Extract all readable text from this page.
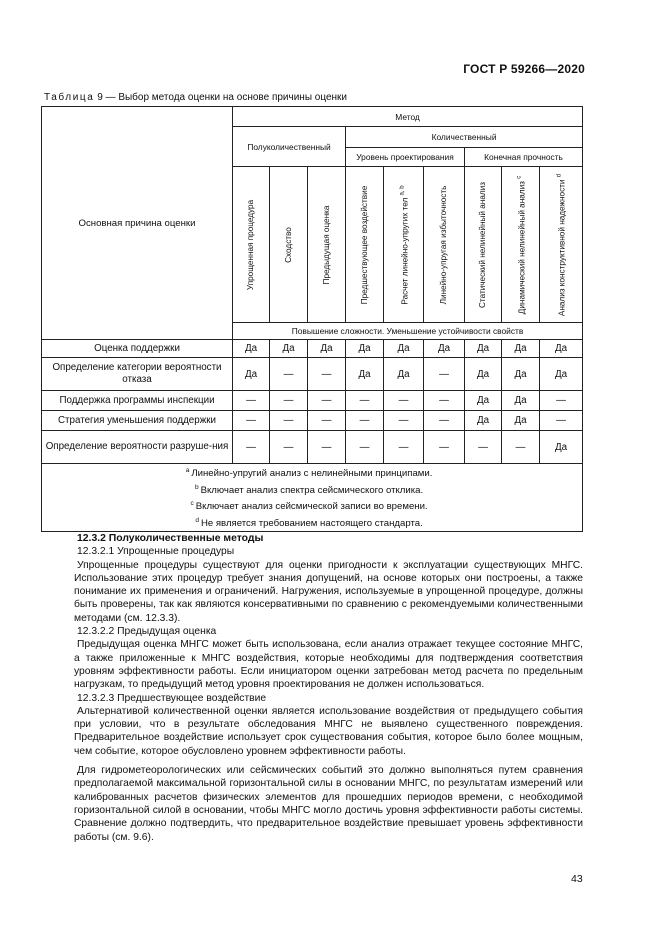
ГОСТ Р 59266—2020
Таблица 9 — Выбор метода оценки на основе причины оценки
Основная причина оценки	Метод								
	Полуколичественный			Количественный					
				Уровень проектирования			Конечная прочность		

	Упрощенная процедура	Сходство	Предыдущая оценка	Предшествующее воздействие	Расчет линейно-упругих тел $^{a, b}$	Линейно-упругая избыточность	Статический нелинейный анализ	Динамический нелинейный анализ $^c$	Анализ конструктивной надежности $^d$

	Повышение сложности. Уменьшение устойчивости свойств								
Оценка поддержки	Да	Да	Да	Да	Да	Да	Да	Да	Да
Определение категории вероятности отказа	Да	—	—	Да	Да	—	Да	Да	Да
Поддержка программы инспекции	—	—	—	—	—	—	Да	Да	—
Стратегия уменьшения поддержки	—	—	—	—	—	—	Да	Да	—
Определение вероятности разруше-ния	—	—	—	—	—	—	—	—	Да

$^a$ Линейно-упругий анализ с нелинейными принципами.
$^b$ Включает анализ спектра сейсмического отклика.
$^c$ Включает анализ сейсмической записи во времени.
$^d$ Не является требованием настоящего стандарта.									
12.3.2 Полуколичественные методы

12.3.2.1 Упрощенные процедуры

Упрощенные процедуры существуют для оценки пригодности к эксплуатации существующих МНГС. Использование этих процедур требует знания допущений, на основе которых они построены, а также понимание их применения и ограничений. Нагружения, используемые в упрощенной процедуре, должны быть проверены, так как являются консервативными по сравнению с рекомендуемыми количественными методами (см. 12.3.3).

12.3.2.2 Предыдущая оценка

Предыдущая оценка МНГС может быть использована, если анализ отражает текущее состояние МНГС, а также приложенные к МНГС воздействия, которые необходимы для подтверждения соответствия уровням эффективности работы. Если инициатором оценки затребован метод расчета по предельным нагрузкам, то предыдущий метод уровня проектирования не должен использоваться.

12.3.2.3 Предшествующее воздействие

Альтернативой количественной оценки является использование воздействия от предыдущего события при условии, что в результате обследования МНГС не выявлено существенного повреждения. Предварительное воздействие использует срок существования события, которое было более мощным, чем событие, которое обусловлено уровнем эффективности работы.

Для гидрометеорологических или сейсмических событий это должно выполняться путем сравнения предполагаемой максимальной горизонтальной силы в основании МНГС, по результатам измерений или калиброванных расчетов физических элементов для прошедших периодов времени, с необходимой горизонтальной силой в основании, чтобы МНГС могло достичь уровня эффективности работы системы. Сравнение должно подтвердить, что предварительное воздействие превышает уровень эффективности работы (см. 9.6).

43
